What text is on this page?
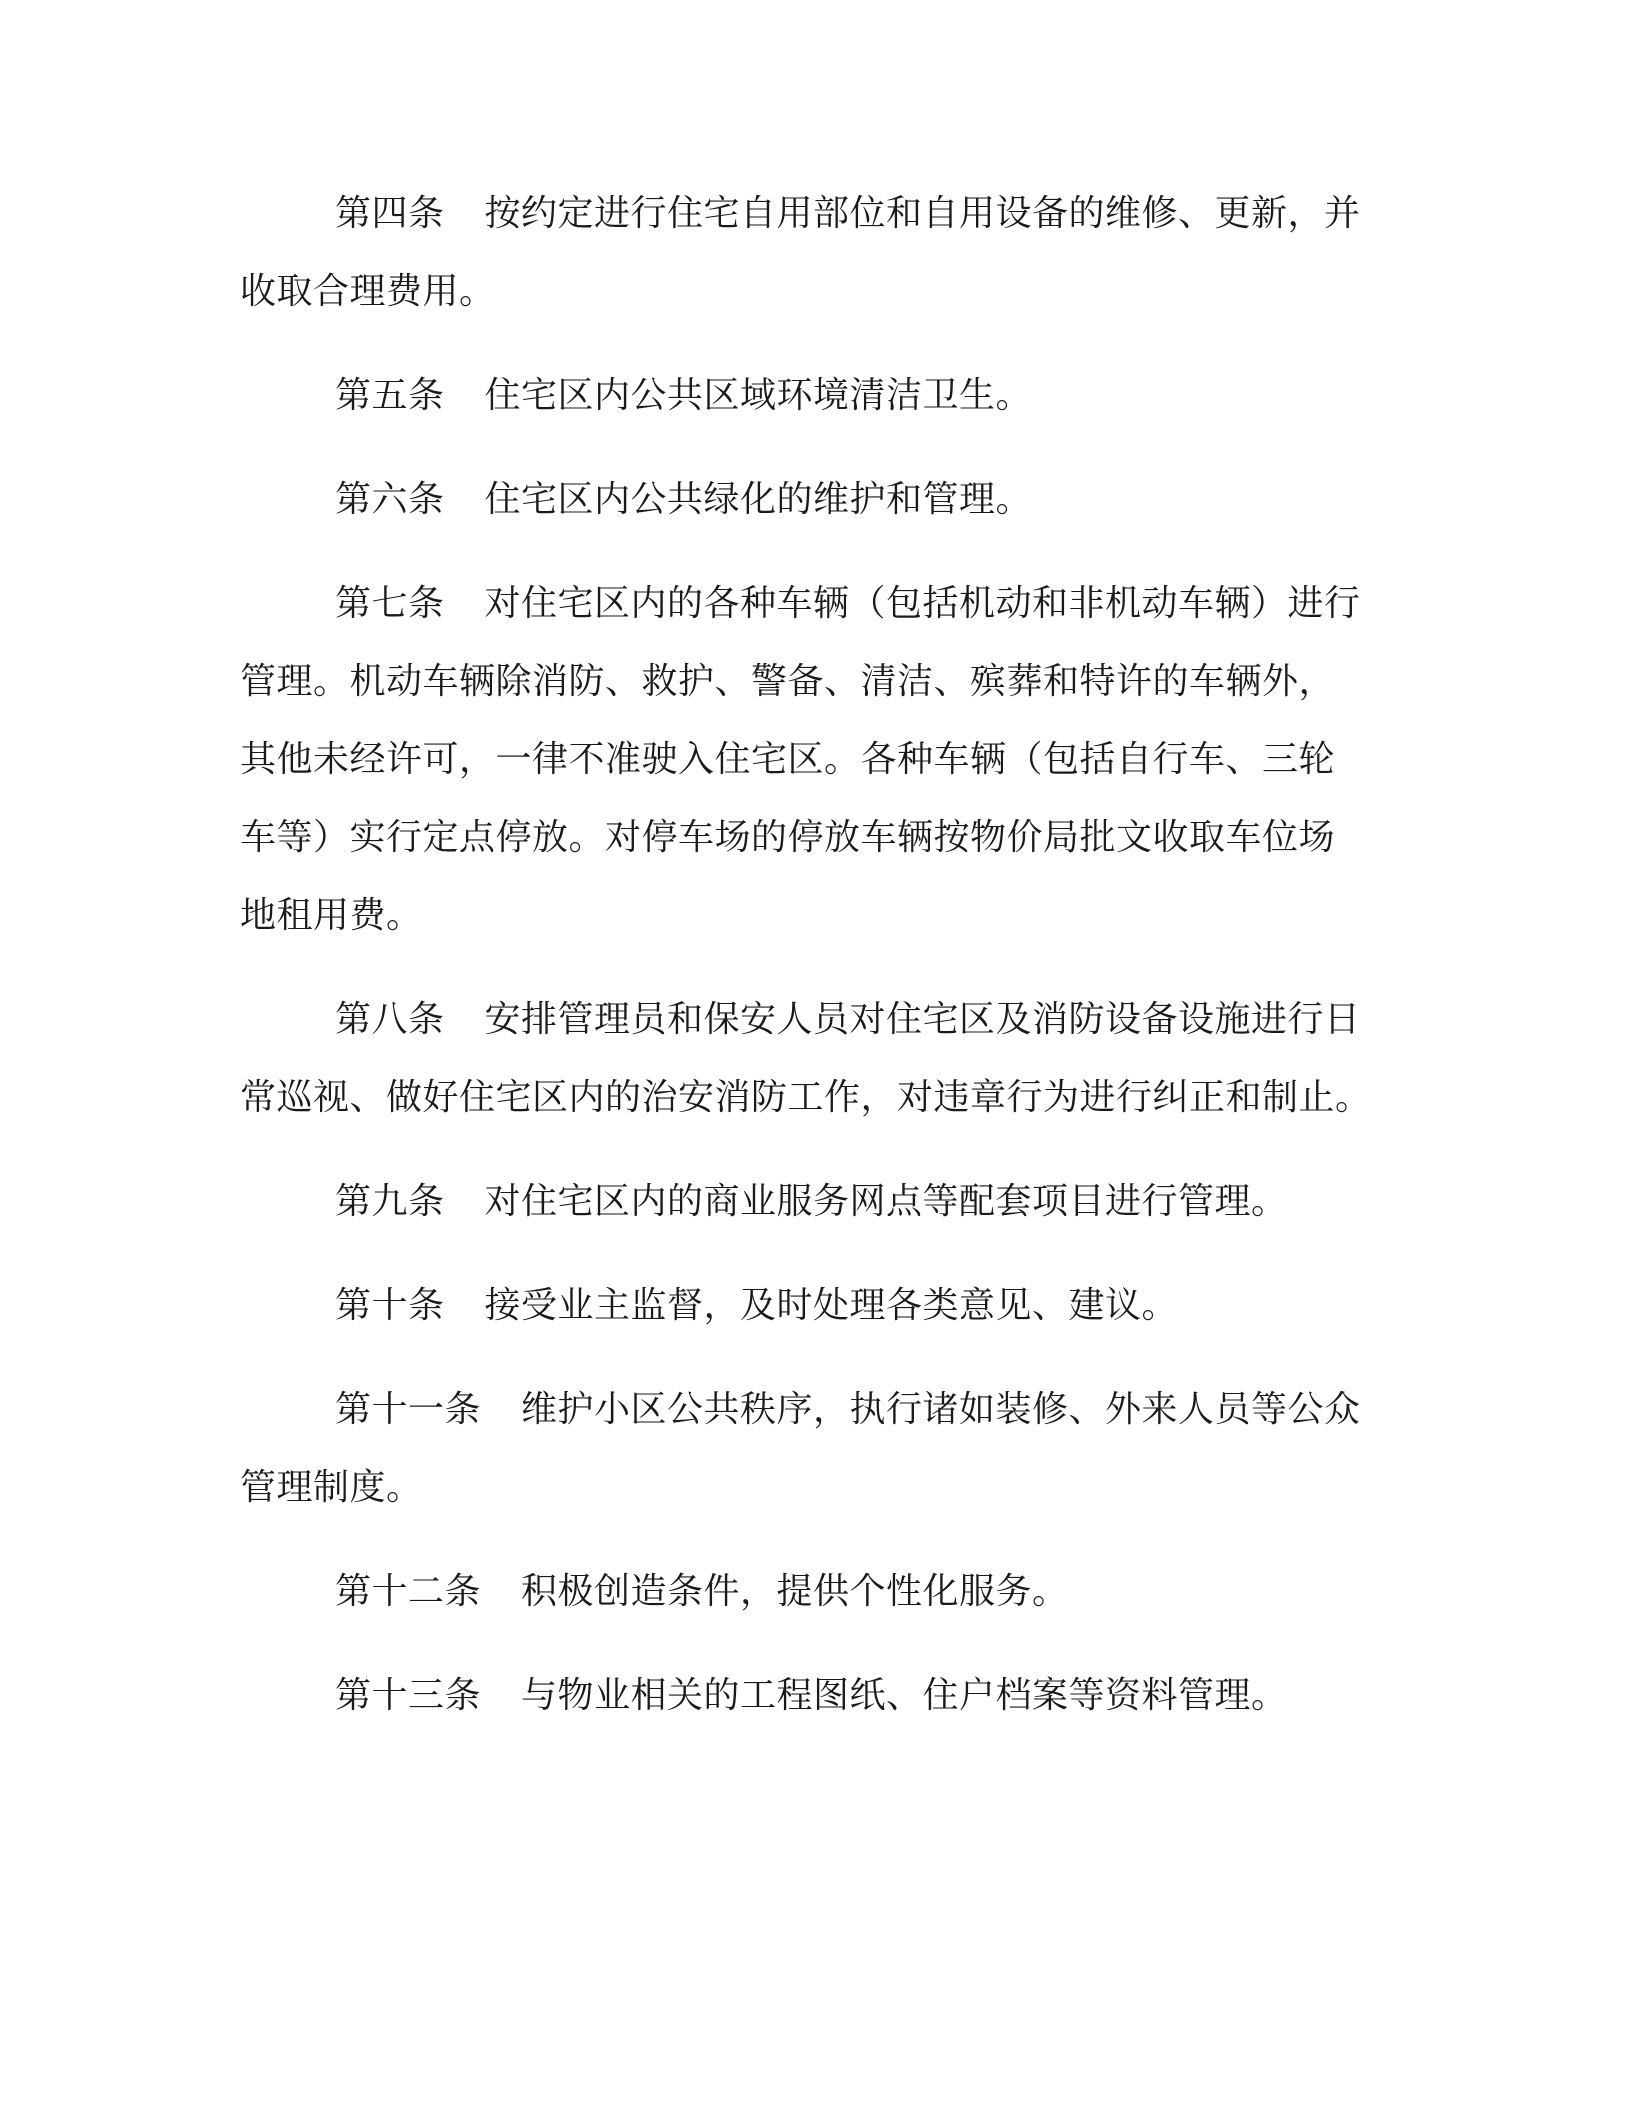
第四条 按约定进行住宅自用部位和自用设备的维修、更新，并
收取合理费用。
第五条 住宅区内公共区域环境清洁卫生。
第六条 住宅区内公共绿化的维护和管理。
第七条 对住宅区内的各种车辆（包括机动和非机动车辆）进行
管理。机动车辆除消防、救护、警备、清洁、殡葬和特许的车辆外，
其他未经许可，一律不准驶入住宅区。各种车辆（包括自行车、三轮
车等）实行定点停放。对停车场的停放车辆按物价局批文收取车位场
地租用费。
第八条 安排管理员和保安人员对住宅区及消防设备设施进行日
常巡视、做好住宅区内的治安消防工作，对违章行为进行纠正和制止。
第九条 对住宅区内的商业服务网点等配套项目进行管理。
第十条 接受业主监督，及时处理各类意见、建议。
第十一条 维护小区公共秩序，执行诸如装修、外来人员等公众
管理制度。
第十二条 积极创造条件，提供个性化服务。
第十三条 与物业相关的工程图纸、住户档案等资料管理。
